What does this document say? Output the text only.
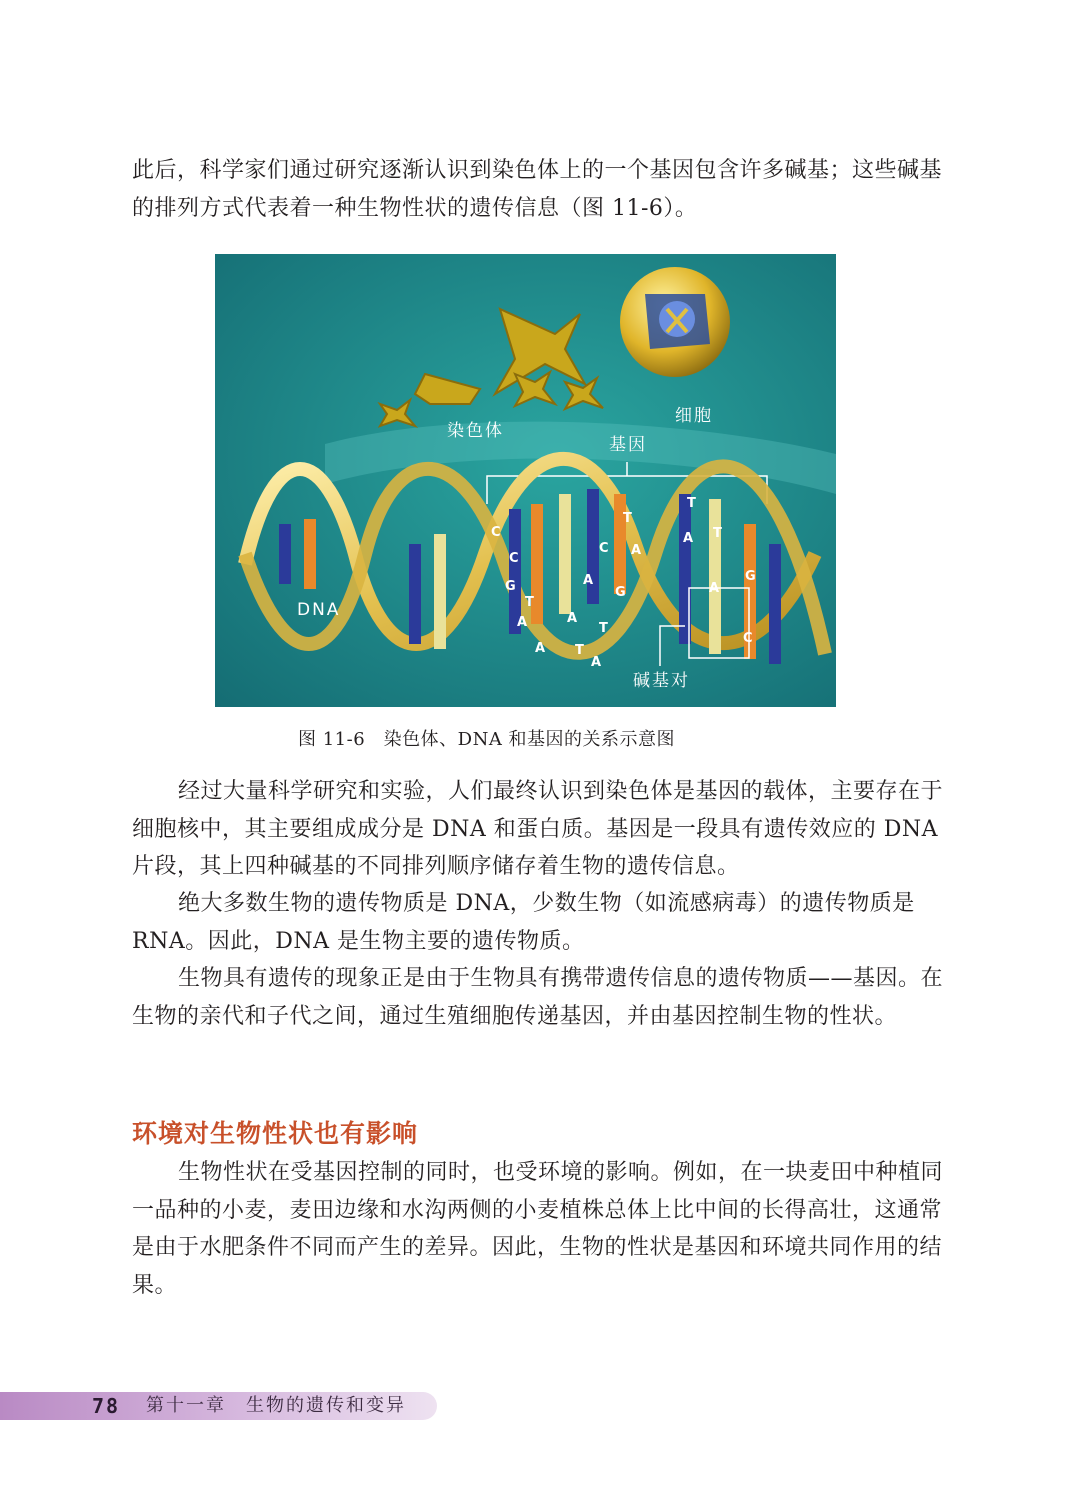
此后，科学家们通过研究逐渐认识到染色体上的一个基因包含许多碱基；这些碱基的排列方式代表着一种生物性状的遗传信息（图 11-6）。

染色体
细胞
基因
C
C
G
T
A
A
A
T
T
C
A
A
G
T
A
T
T
A
G
A
C
碱基对
DNA
图 11-6　染色体、DNA 和基因的关系示意图

经过大量科学研究和实验，人们最终认识到染色体是基因的载体，主要存在于细胞核中，其主要组成成分是 DNA 和蛋白质。基因是一段具有遗传效应的 DNA 片段，其上四种碱基的不同排列顺序储存着生物的遗传信息。

绝大多数生物的遗传物质是 DNA，少数生物（如流感病毒）的遗传物质是 RNA。因此，DNA 是生物主要的遗传物质。

生物具有遗传的现象正是由于生物具有携带遗传信息的遗传物质——基因。在生物的亲代和子代之间，通过生殖细胞传递基因，并由基因控制生物的性状。

环境对生物性状也有影响

生物性状在受基因控制的同时，也受环境的影响。例如，在一块麦田中种植同一品种的小麦，麦田边缘和水沟两侧的小麦植株总体上比中间的长得高壮，这通常是由于水肥条件不同而产生的差异。因此，生物的性状是基因和环境共同作用的结果。

78 第十一章　生物的遗传和变异
